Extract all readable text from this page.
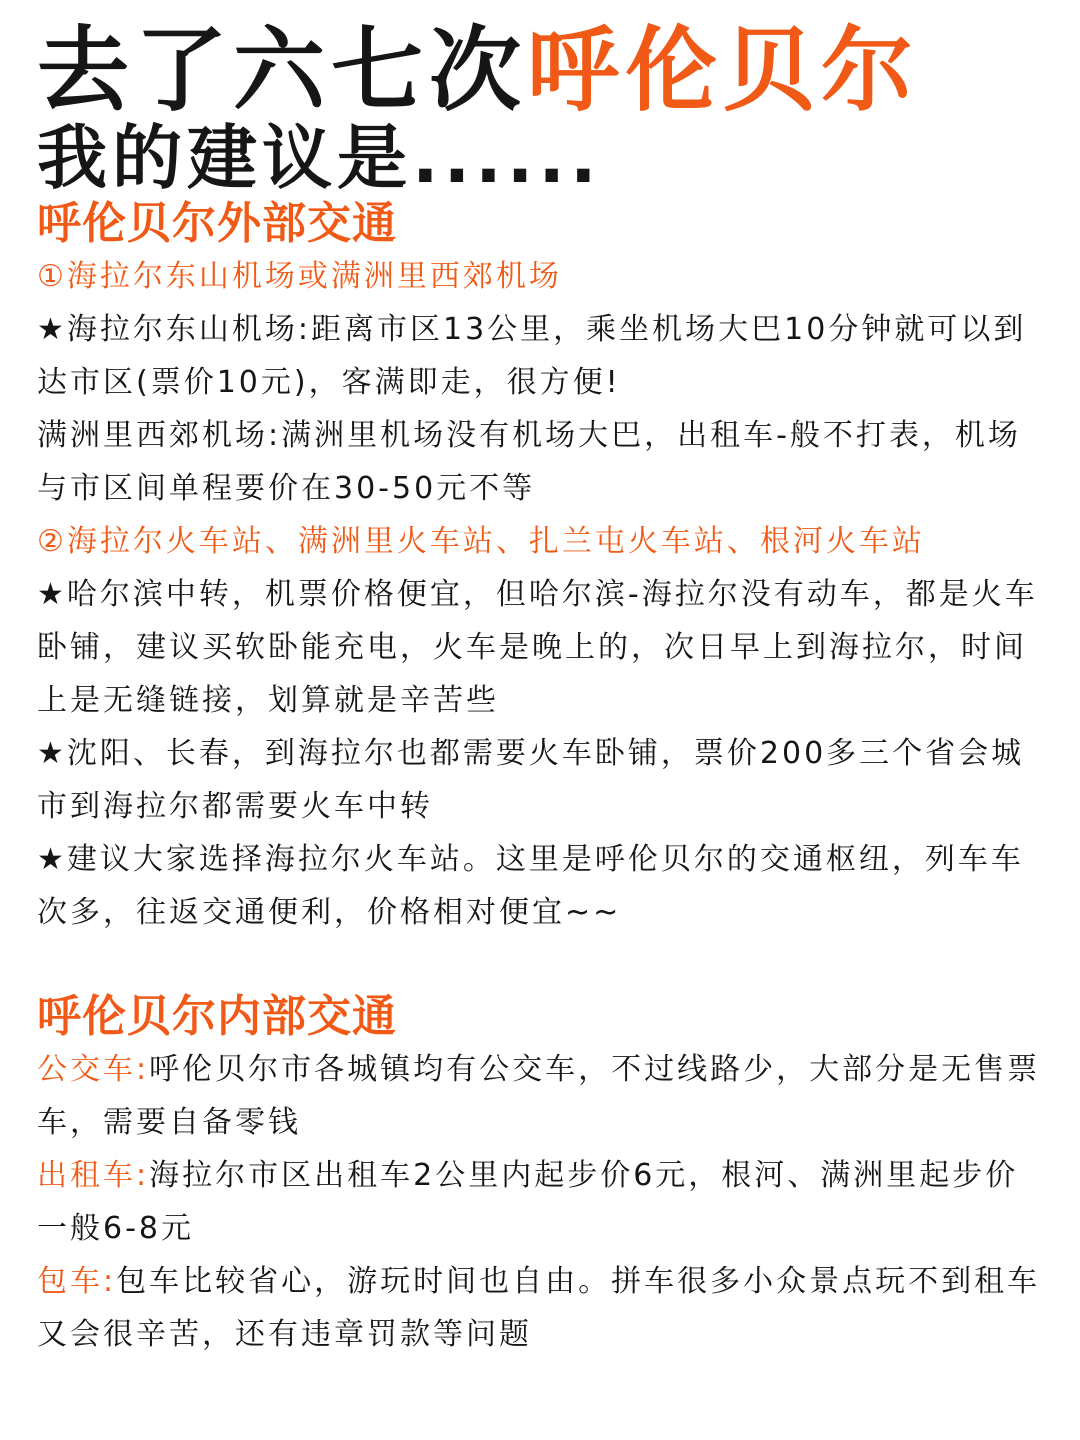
去了六七次呼伦贝尔
我的建议是......
呼伦贝尔外部交通
①海拉尔东山机场或满洲里西郊机场

★海拉尔东山机场:距离市区13公里，乘坐机场大巴10分钟就可以到达市区(票价10元)，客满即走，很方便!

满洲里西郊机场:满洲里机场没有机场大巴，出租车-般不打表，机场与市区间单程要价在30-50元不等

②海拉尔火车站、满洲里火车站、扎兰屯火车站、根河火车站

★哈尔滨中转，机票价格便宜，但哈尔滨-海拉尔没有动车，都是火车卧铺，建议买软卧能充电，火车是晚上的，次日早上到海拉尔，时间上是无缝链接，划算就是辛苦些

★沈阳、长春，到海拉尔也都需要火车卧铺，票价200多三个省会城市到海拉尔都需要火车中转

★建议大家选择海拉尔火车站。这里是呼伦贝尔的交通枢纽，列车车次多，往返交通便利，价格相对便宜~~

呼伦贝尔内部交通

公交车:呼伦贝尔市各城镇均有公交车，不过线路少，大部分是无售票车，需要自备零钱

出租车:海拉尔市区出租车2公里内起步价6元，根河、满洲里起步价一般6-8元

包车:包车比较省心，游玩时间也自由。拼车很多小众景点玩不到租车又会很辛苦，还有违章罚款等问题
